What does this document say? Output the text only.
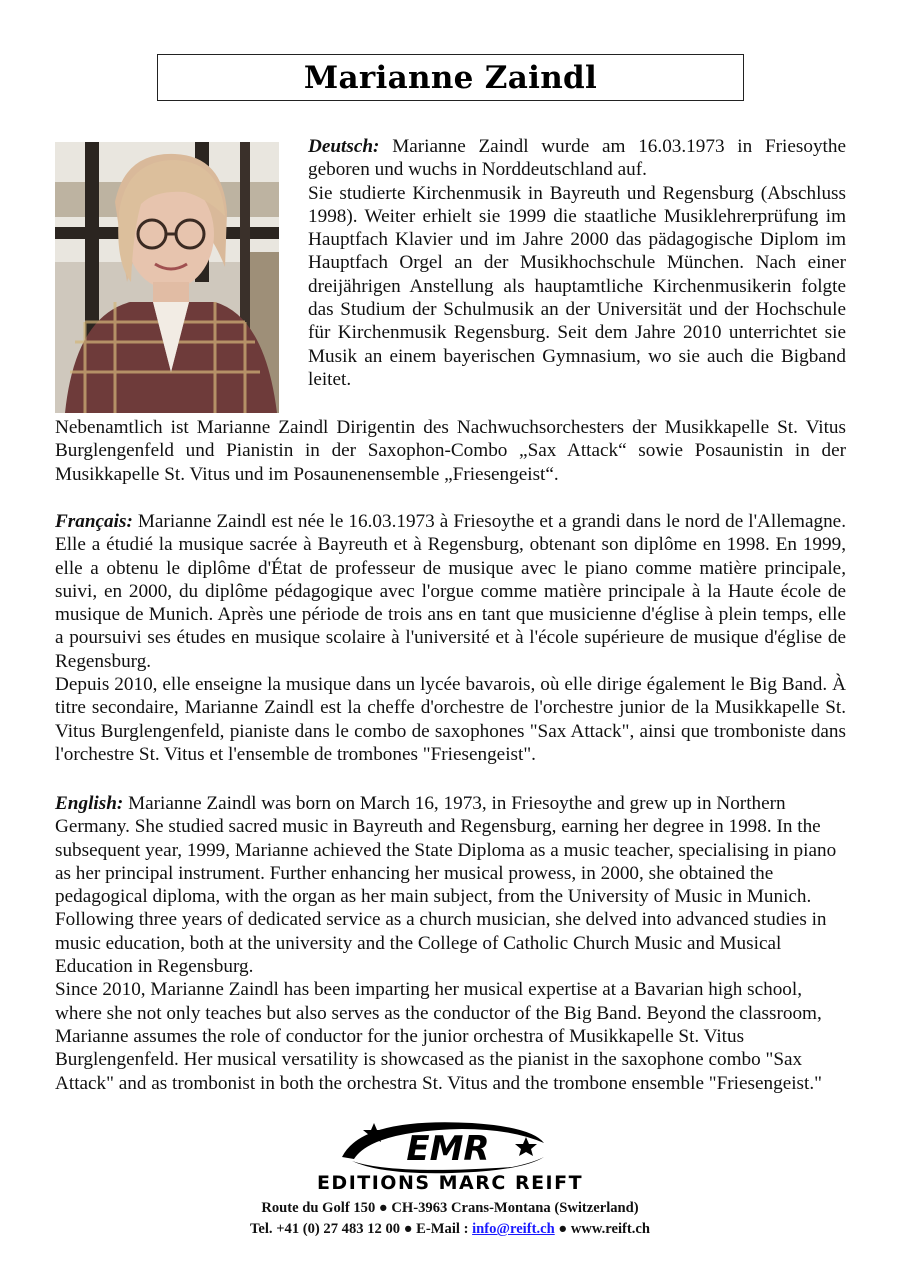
Marianne Zaindl

Deutsch: Marianne Zaindl wurde am 16.03.1973 in Friesoythe geboren und wuchs in Norddeutschland auf.

Sie studierte Kirchenmusik in Bayreuth und Regensburg (Abschluss 1998). Weiter erhielt sie 1999 die staatliche Musiklehrerprüfung im Hauptfach Klavier und im Jahre 2000 das pädagogische Diplom im Hauptfach Orgel an der Musikhochschule München. Nach einer dreijährigen Anstellung als hauptamtliche Kirchenmusikerin folgte das Studium der Schulmusik an der Universität und der Hochschule für Kirchenmusik Regensburg. Seit dem Jahre 2010 unterrichtet sie Musik an einem bayerischen Gymnasium, wo sie auch die Bigband leitet.

Nebenamtlich ist Marianne Zaindl Dirigentin des Nachwuchsorchesters der Musikkapelle St. Vitus Burglengenfeld und Pianistin in der Saxophon-Combo „Sax Attack“ sowie Posaunistin in der Musikkapelle St. Vitus und im Posaunenensemble „Friesengeist“.

Français: Marianne Zaindl est née le 16.03.1973 à Friesoythe et a grandi dans le nord de l'Allemagne. Elle a étudié la musique sacrée à Bayreuth et à Regensburg, obtenant son diplôme en 1998. En 1999, elle a obtenu le diplôme d'État de professeur de musique avec le piano comme matière principale, suivi, en 2000, du diplôme pédagogique avec l'orgue comme matière principale à la Haute école de musique de Munich. Après une période de trois ans en tant que musicienne d'église à plein temps, elle a poursuivi ses études en musique scolaire à l'université et à l'école supérieure de musique d'église de Regensburg.

Depuis 2010, elle enseigne la musique dans un lycée bavarois, où elle dirige également le Big Band. À titre secondaire, Marianne Zaindl est la cheffe d'orchestre de l'orchestre junior de la Musikkapelle St. Vitus Burglengenfeld, pianiste dans le combo de saxophones "Sax Attack", ainsi que tromboniste dans l'orchestre St. Vitus et l'ensemble de trombones "Friesengeist".

English: Marianne Zaindl was born on March 16, 1973, in Friesoythe and grew up in Northern Germany. She studied sacred music in Bayreuth and Regensburg, earning her degree in 1998. In the subsequent year, 1999, Marianne achieved the State Diploma as a music teacher, specialising in piano as her principal instrument. Further enhancing her musical prowess, in 2000, she obtained the pedagogical diploma, with the organ as her main subject, from the University of Music in Munich. Following three years of dedicated service as a church musician, she delved into advanced studies in music education, both at the university and the College of Catholic Church Music and Musical Education in Regensburg.

Since 2010, Marianne Zaindl has been imparting her musical expertise at a Bavarian high school, where she not only teaches but also serves as the conductor of the Big Band. Beyond the classroom, Marianne assumes the role of conductor for the junior orchestra of Musikkapelle St. Vitus Burglengenfeld. Her musical versatility is showcased as the pianist in the saxophone combo "Sax Attack" and as trombonist in both the orchestra St. Vitus and the trombone ensemble "Friesengeist."

EMR
EDITIONS MARC REIFT
Route du Golf 150 ● CH-3963 Crans-Montana (Switzerland)
Tel. +41 (0) 27 483 12 00 ● E-Mail : info@reift.ch ● www.reift.ch
